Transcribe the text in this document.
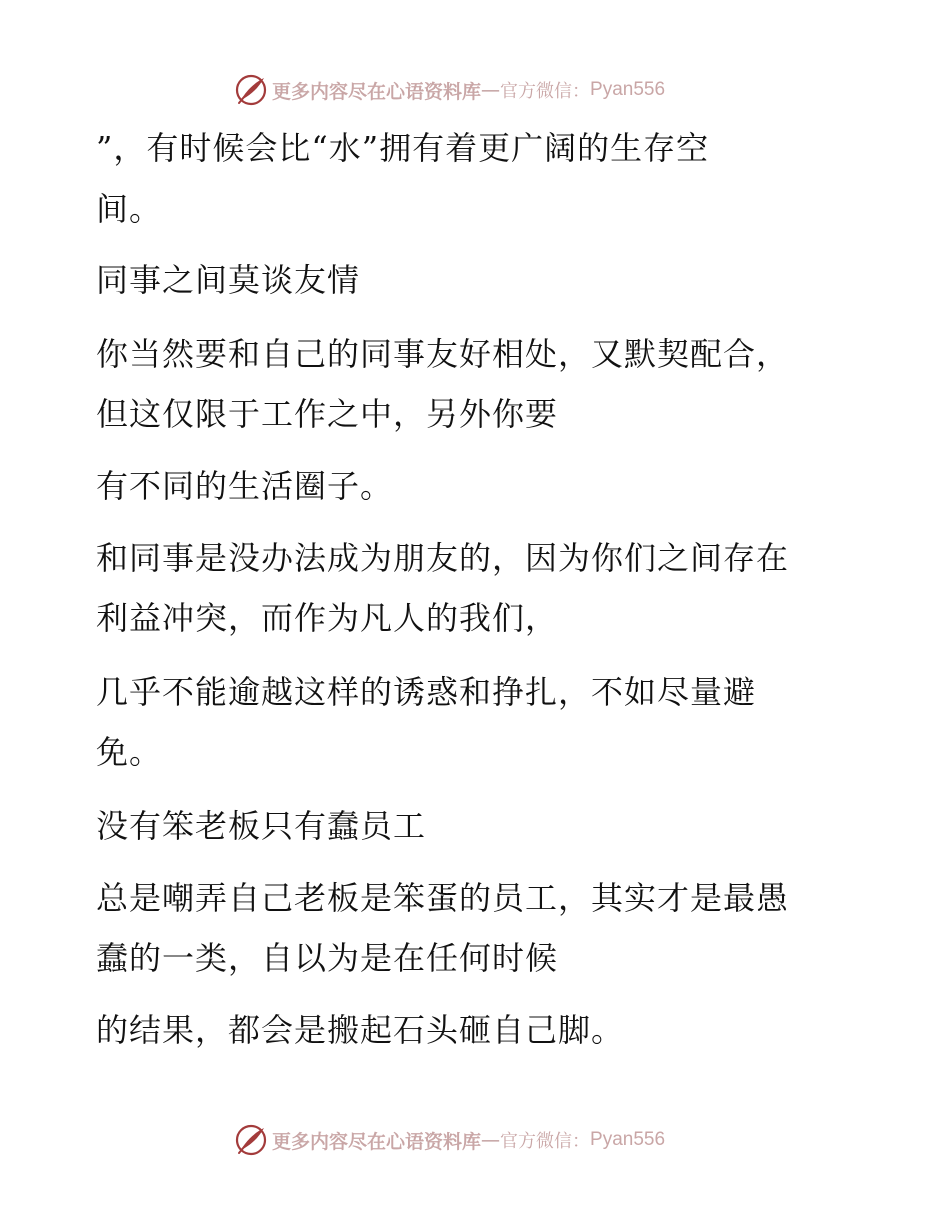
更多内容尽在心语资料库 — 官方微信： Pyan556
”，有时候会比“水”拥有着更广阔的生存空
间。
同事之间莫谈友情
你当然要和自己的同事友好相处，又默契配合，
但这仅限于工作之中，另外你要
有不同的生活圈子。
和同事是没办法成为朋友的，因为你们之间存在
利益冲突，而作为凡人的我们，
几乎不能逾越这样的诱惑和挣扎，不如尽量避
免。
没有笨老板只有蠢员工
总是嘲弄自己老板是笨蛋的员工，其实才是最愚
蠢的一类，自以为是在任何时候
的结果，都会是搬起石头砸自己脚。
更多内容尽在心语资料库 — 官方微信： Pyan556
